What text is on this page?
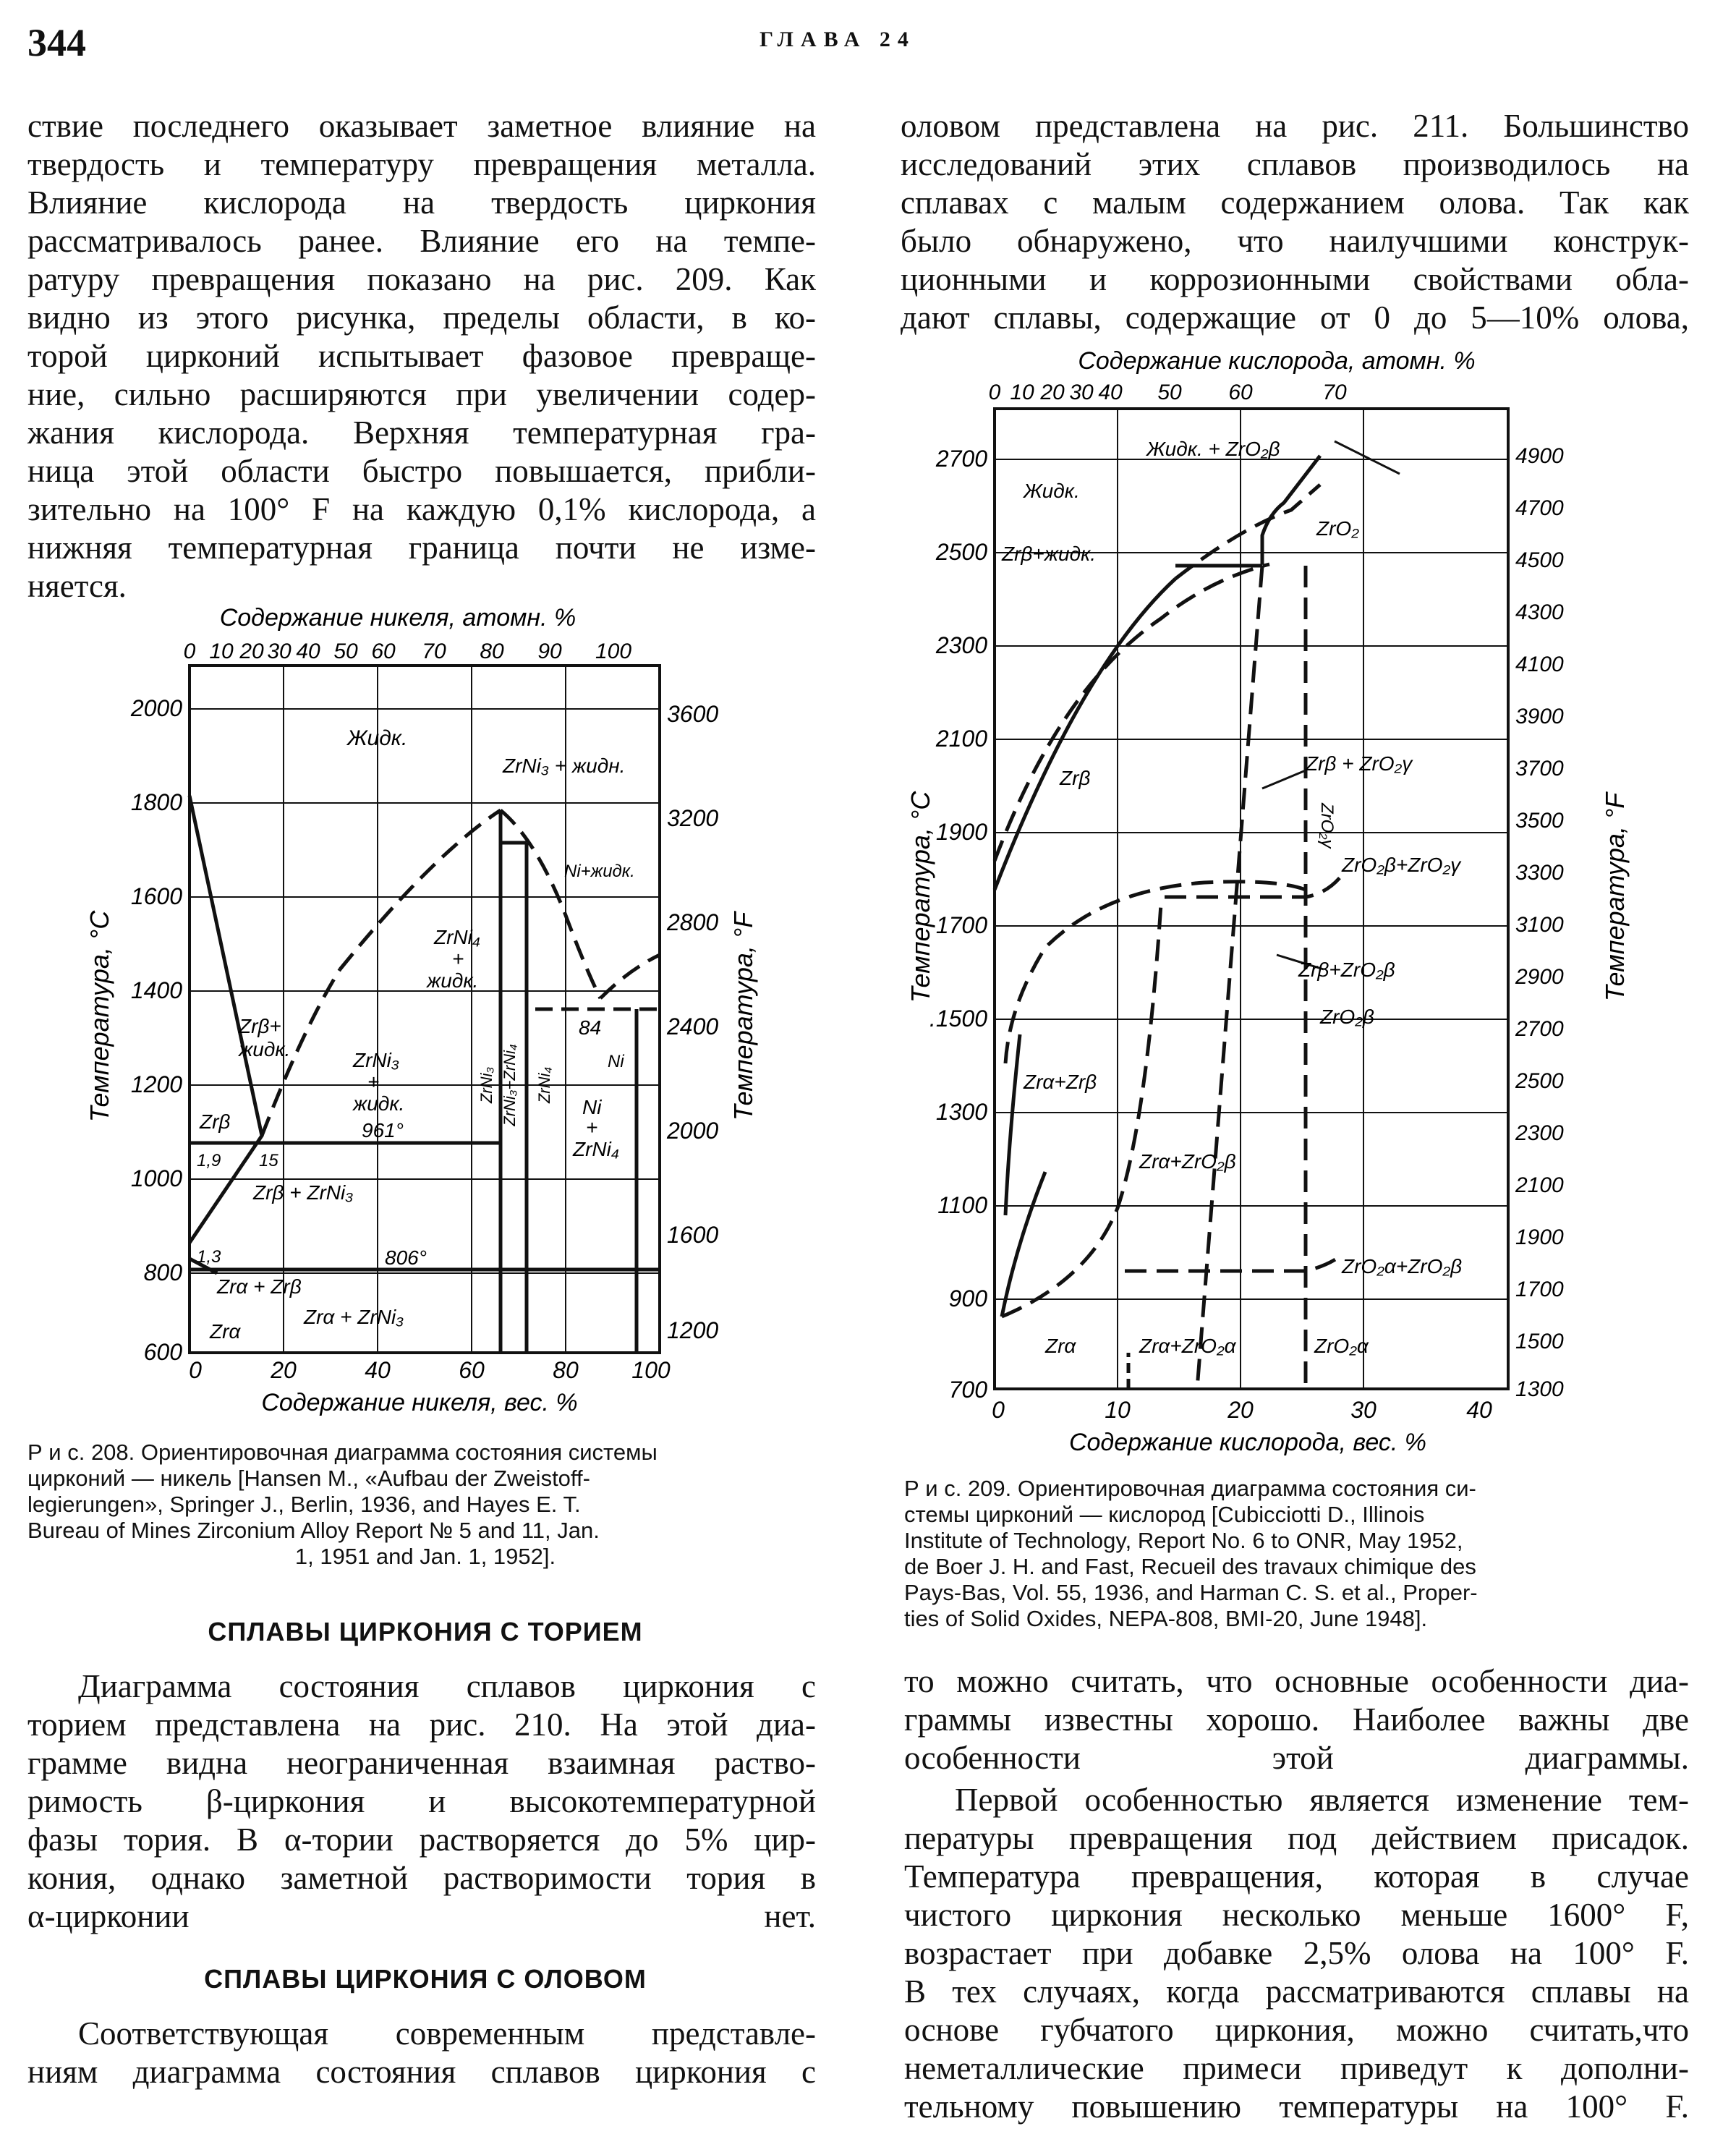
344	ГЛАВА 24
ствие последнего оказывает заметное влияние на
твердость и температуру превращения металла.
Влияние кислорода на твердость циркония
рассматривалось ранее. Влияние его на темпе-
ратуру превращения показано на рис. 209. Как
видно из этого рисунка, пределы области, в ко-
торой цирконий испытывает фазовое превраще-
ние, сильно расширяются при увеличении содер-
жания кислорода. Верхняя температурная гра-
ница этой области быстро повышается, прибли-
зительно на 100° F на каждую 0,1% кислорода, а
нижняя температурная граница почти не изме-
няется.
Содержание никеля, атомн. %
0 10 20 30 40 50 60 70 80 90 100
2000
1800
1600
1400
1200
1000
800
600
3600
3200
2800
2400
2000
1600
1200
Температура, °С	Температура, °F
0	20	40	60	80 100
Содержание никеля, вес. %
Жидк.
ZrNi₃ + жидн.
Ni+жидк.
ZrNi₄
+
жидк.
Zrβ+
жидк.	ZrNi₃
+
жидк.
ZrNi₃ ZrNi₃+ZrNi₄ ZrNi₄
Ni
+
ZrNi₄
Ni
84
Zrβ	961°
806°
1,9 15
1,3
Zrβ + ZrNi₃
Zrα + Zrβ
Zrα
Zrα + ZrNi₃
Р и с. 208. Ориентировочная диаграмма состояния системы
цирконий — никель [Hansen M., «Aufbau der Zweistoff-
legierungen», Springer J., Berlin, 1936, and Hayes E. T.
Bureau of Mines Zirconium Alloy Report № 5 and 11, Jan.
1, 1951 and Jan. 1, 1952].
СПЛАВЫ ЦИРКОНИЯ С ТОРИЕМ
Диаграмма состояния сплавов циркония с
торием представлена на рис. 210. На этой диа-
грамме видна неограниченная взаимная раство-
римость β-циркония и высокотемпературной
фазы тория. В α-тории растворяется до 5% цир-
кония, однако заметной растворимости тория в
α-цирконии нет.
СПЛАВЫ ЦИРКОНИЯ С ОЛОВОМ
Соответствующая современным представле-
ниям диаграмма состояния сплавов циркония с
оловом представлена на рис. 211. Большинство
исследований этих сплавов производилось на
сплавах с малым содержанием олова. Так как
было обнаружено, что наилучшими конструк-
ционными и коррозионными свойствами обла-
дают сплавы, содержащие от 0 до 5—10% олова,
Содержание кислорода, атомн. %
0 10 20 30 40 50 60	70
2700
2500
2300
2100
1900
1700
.1500
1300
1100
900
700
4900
4700
4500
4300
4100
3900
3700
3500
3300
3100
2900
2700
2500
2300
2100
1900
1700
1500
1300
Температура, °С	Температура, °F
0	10	20	30	40
Содержание кислорода, вес. %
Жидк. + ZrO₂β
Жидк.
ZrO₂
Zrβ+жидк.
Zrβ + ZrO₂γ
Zrβ
ZrO₂γ
ZrO₂β+ZrO₂γ
Zrβ+ZrO₂β
ZrO₂β
Zrα+Zrβ
Zrα+ZrO₂β
ZrO₂α+ZrO₂β
Zrα	Zrα+ZrO₂α	ZrO₂α
Р и с. 209. Ориентировочная диаграмма состояния си-
стемы цирконий — кислород [Cubicciotti D., Illinois
Institute of Technology, Report No. 6 to ONR, May 1952,
de Boer J. H. and Fast, Recueil des travaux chimique des
Pays-Bas, Vol. 55, 1936, and Harman C. S. et al., Proper-
ties of Solid Oxides, NEPA-808, BMI-20, June 1948].
то можно считать, что основные особенности диа-
граммы известны хорошо. Наиболее важны две
особенности этой диаграммы.
Первой особенностью является изменение тем-
пературы превращения под действием присадок.
Температура превращения, которая в случае
чистого циркония несколько меньше 1600° F,
возрастает при добавке 2,5% олова на 100° F.
В тех случаях, когда рассматриваются сплавы на
основе губчатого циркония, можно считать,что
неметаллические примеси приведут к дополни-
тельному повышению температуры на 100° F.
